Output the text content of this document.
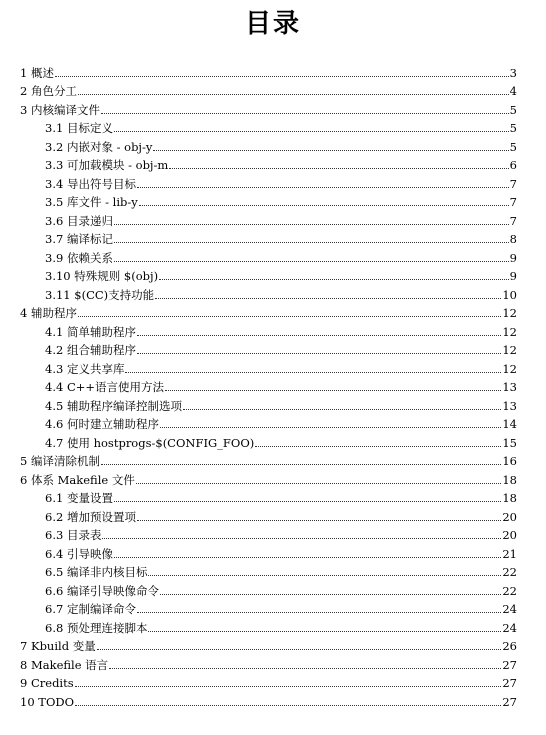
目录
1 概述	3
2 角色分工	4
3 内核编译文件	5
3.1 目标定义	5
3.2 内嵌对象 - obj-y	5
3.3 可加载模块 - obj-m	6
3.4 导出符号目标	7
3.5 库文件 - lib-y	7
3.6 目录递归	7
3.7 编译标记	8
3.9 依赖关系	9
3.10 特殊规则 $(obj)	9
3.11 $(CC)支持功能	10
4 辅助程序	12
4.1 简单辅助程序	12
4.2 组合辅助程序	12
4.3 定义共享库	12
4.4 C++语言使用方法	13
4.5 辅助程序编译控制选项	13
4.6 何时建立辅助程序	14
4.7 使用 hostprogs-$(CONFIG_FOO)	15
5 编译清除机制	16
6 体系 Makefile 文件	18
6.1 变量设置	18
6.2 增加预设置项	20
6.3 目录表	20
6.4 引导映像	21
6.5 编译非内核目标	22
6.6 编译引导映像命令	22
6.7 定制编译命令	24
6.8 预处理连接脚本	24
7 Kbuild 变量	26
8 Makefile 语言	27
9 Credits	27
10 TODO	27
